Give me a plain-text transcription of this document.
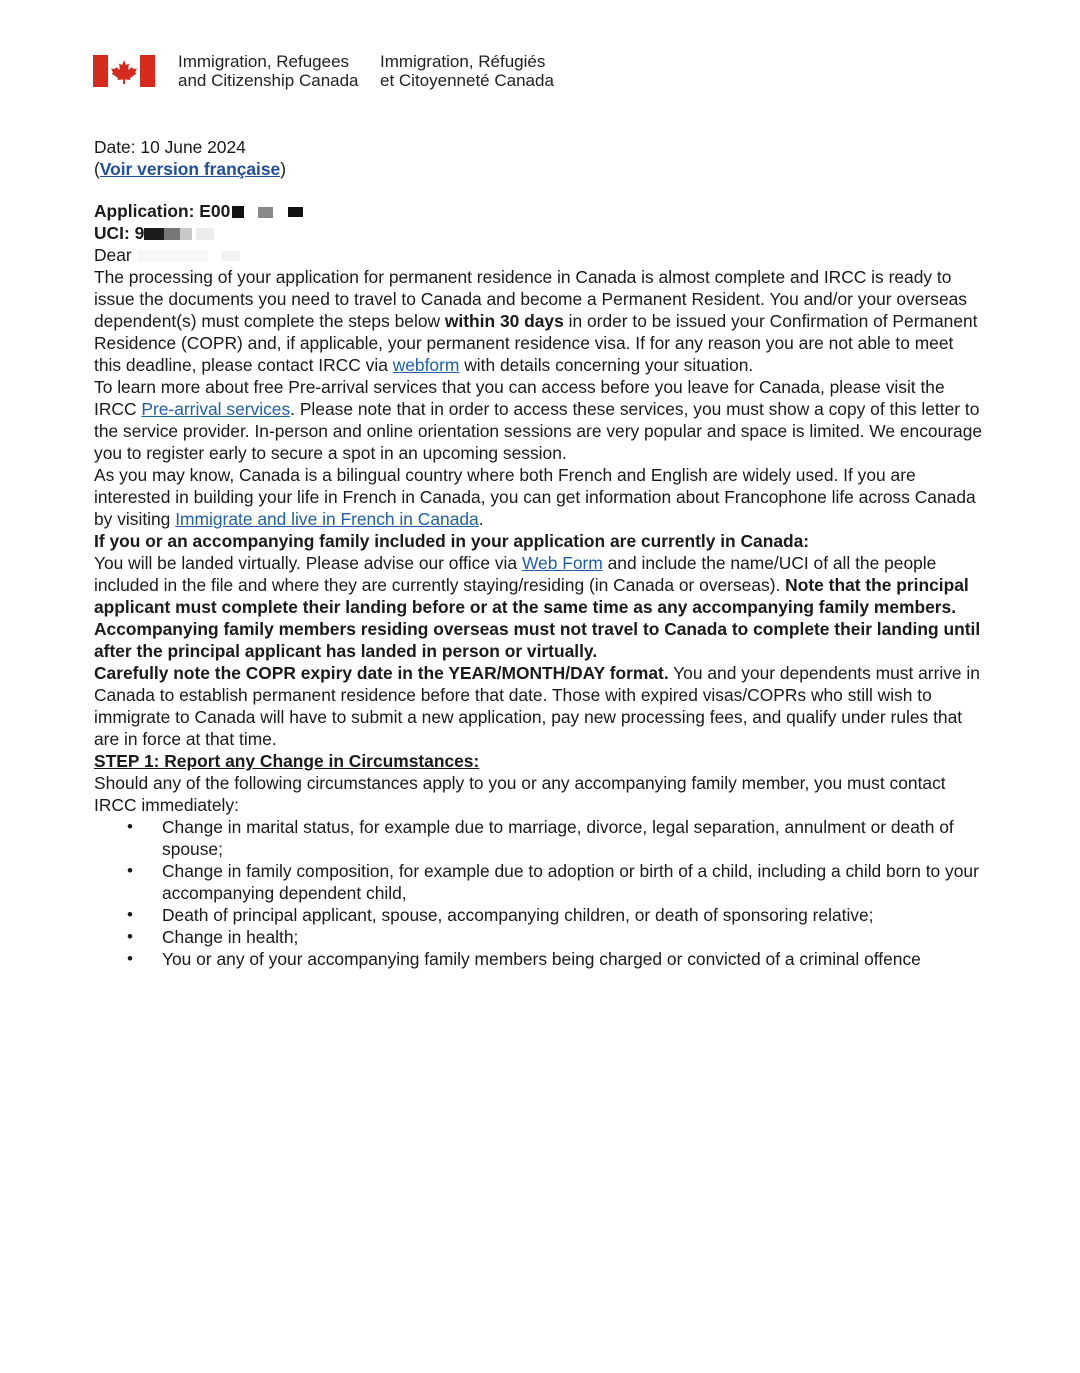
Immigration, Refugees
and Citizenship Canada
Immigration, Réfugiés
et Citoyenneté Canada

Date: 10 June 2024

(Voir version française)

Application: E00
UCI: 9

Dear

The processing of your application for permanent residence in Canada is almost complete and IRCC is ready to issue the documents you need to travel to Canada and become a Permanent Resident. You and/or your overseas dependent(s) must complete the steps below within 30 days in order to be issued your Confirmation of Permanent Residence (COPR) and, if applicable, your permanent residence visa. If for any reason you are not able to meet this deadline, please contact IRCC via webform with details concerning your situation.

To learn more about free Pre-arrival services that you can access before you leave for Canada, please visit the IRCC Pre-arrival services. Please note that in order to access these services, you must show a copy of this letter to the service provider. In-person and online orientation sessions are very popular and space is limited. We encourage you to register early to secure a spot in an upcoming session.

As you may know, Canada is a bilingual country where both French and English are widely used. If you are interested in building your life in French in Canada, you can get information about Francophone life across Canada by visiting Immigrate and live in French in Canada.

If you or an accompanying family included in your application are currently in Canada:
You will be landed virtually. Please advise our office via Web Form and include the name/UCI of all the people included in the file and where they are currently staying/residing (in Canada or overseas). Note that the principal applicant must complete their landing before or at the same time as any accompanying family members. Accompanying family members residing overseas must not travel to Canada to complete their landing until after the principal applicant has landed in person or virtually.

Carefully note the COPR expiry date in the YEAR/MONTH/DAY format. You and your dependents must arrive in Canada to establish permanent residence before that date. Those with expired visas/COPRs who still wish to immigrate to Canada will have to submit a new application, pay new processing fees, and qualify under rules that are in force at that time.

STEP 1: Report any Change in Circumstances:

Should any of the following circumstances apply to you or any accompanying family member, you must contact IRCC immediately:

• Change in marital status, for example due to marriage, divorce, legal separation, annulment or death of spouse;
• Change in family composition, for example due to adoption or birth of a child, including a child born to your accompanying dependent child,
• Death of principal applicant, spouse, accompanying children, or death of sponsoring relative;
• Change in health;
• You or any of your accompanying family members being charged or convicted of a criminal offence
